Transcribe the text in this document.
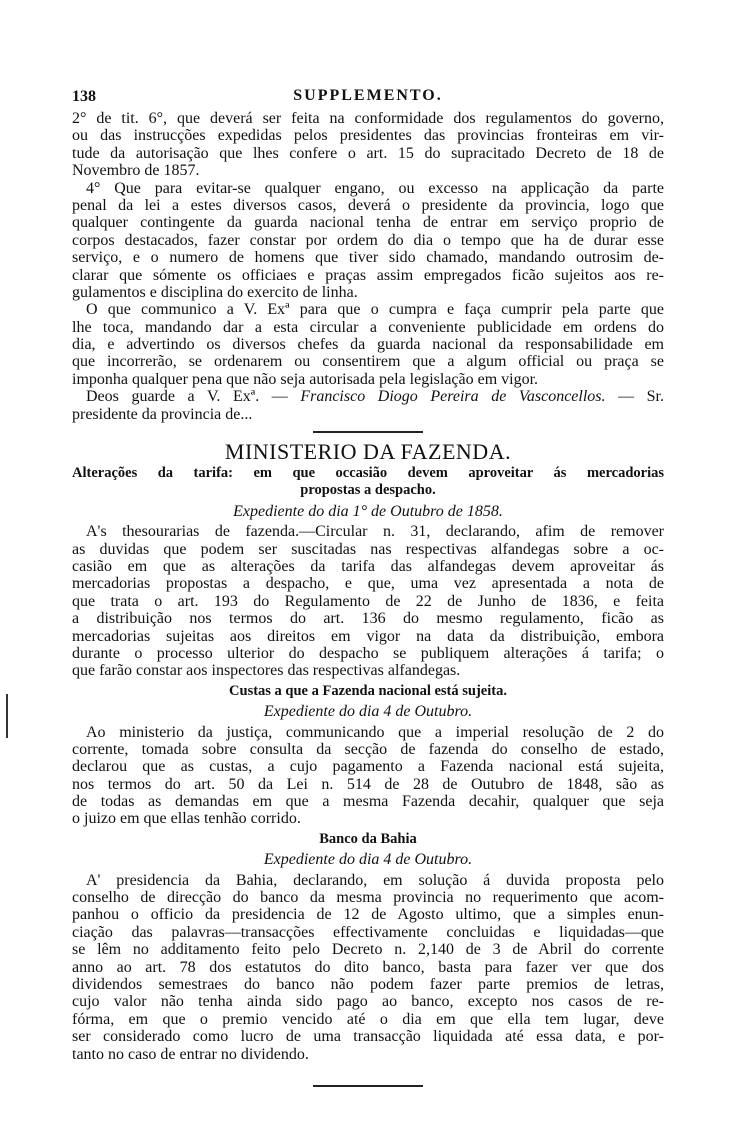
138	SUPPLEMENTO.
2° de tit. 6°, que deverá ser feita na conformidade dos regulamentos do governo,
ou das instrucções expedidas pelos presidentes das provincias fronteiras em vir-
tude da autorisação que lhes confere o art. 15 do supracitado Decreto de 18 de
Novembro de 1857.
4° Que para evitar-se qualquer engano, ou excesso na applicação da parte
penal da lei a estes diversos casos, deverá o presidente da provincia, logo que
qualquer contingente da guarda nacional tenha de entrar em serviço proprio de
corpos destacados, fazer constar por ordem do dia o tempo que ha de durar esse
serviço, e o numero de homens que tiver sido chamado, mandando outrosim de-
clarar que sómente os officiaes e praças assim empregados ficão sujeitos aos re-
gulamentos e disciplina do exercito de linha.
O que communico a V. Exª para que o cumpra e faça cumprir pela parte que
lhe toca, mandando dar a esta circular a conveniente publicidade em ordens do
dia, e advertindo os diversos chefes da guarda nacional da responsabilidade em
que incorrerão, se ordenarem ou consentirem que a algum official ou praça se
imponha qualquer pena que não seja autorisada pela legislação em vigor.
Deos guarde a V. Exª. — Francisco Diogo Pereira de Vasconcellos. — Sr.
presidente da provincia de...
MINISTERIO DA FAZENDA.
Alterações da tarifa: em que occasião devem aproveitar ás mercadorias
propostas a despacho.
Expediente do dia 1° de Outubro de 1858.
A's thesourarias de fazenda.—Circular n. 31, declarando, afim de remover
as duvidas que podem ser suscitadas nas respectivas alfandegas sobre a oc-
casião em que as alterações da tarifa das alfandegas devem aproveitar ás
mercadorias propostas a despacho, e que, uma vez apresentada a nota de
que trata o art. 193 do Regulamento de 22 de Junho de 1836, e feita
a distribuição nos termos do art. 136 do mesmo regulamento, ficão as
mercadorias sujeitas aos direitos em vigor na data da distribuição, embora
durante o processo ulterior do despacho se publiquem alterações á tarifa; o
que farão constar aos inspectores das respectivas alfandegas.
Custas a que a Fazenda nacional está sujeita.
Expediente do dia 4 de Outubro.
Ao ministerio da justiça, communicando que a imperial resolução de 2 do
corrente, tomada sobre consulta da secção de fazenda do conselho de estado,
declarou que as custas, a cujo pagamento a Fazenda nacional está sujeita,
nos termos do art. 50 da Lei n. 514 de 28 de Outubro de 1848, são as
de todas as demandas em que a mesma Fazenda decahir, qualquer que seja
o juizo em que ellas tenhão corrido.
Banco da Bahia
Expediente do dia 4 de Outubro.
A' presidencia da Bahia, declarando, em solução á duvida proposta pelo
conselho de direcção do banco da mesma provincia no requerimento que acom-
panhou o officio da presidencia de 12 de Agosto ultimo, que a simples enun-
ciação das palavras—transacções effectivamente concluidas e liquidadas—que
se lêm no additamento feito pelo Decreto n. 2,140 de 3 de Abril do corrente
anno ao art. 78 dos estatutos do dito banco, basta para fazer ver que dos
dividendos semestraes do banco não podem fazer parte premios de letras,
cujo valor não tenha ainda sido pago ao banco, excepto nos casos de re-
fórma, em que o premio vencido até o dia em que ella tem lugar, deve
ser considerado como lucro de uma transacção liquidada até essa data, e por-
tanto no caso de entrar no dividendo.
